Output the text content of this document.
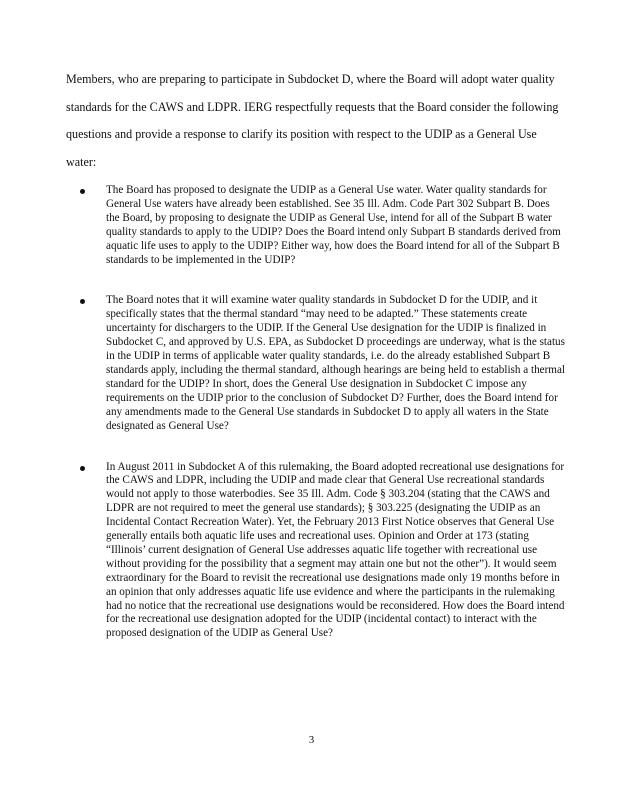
Members, who are preparing to participate in Subdocket D, where the Board will adopt water quality standards for the CAWS and LDPR. IERG respectfully requests that the Board consider the following questions and provide a response to clarify its position with respect to the UDIP as a General Use water:

The Board has proposed to designate the UDIP as a General Use water. Water quality standards for General Use waters have already been established. See 35 Ill. Adm. Code Part 302 Subpart B. Does the Board, by proposing to designate the UDIP as General Use, intend for all of the Subpart B water quality standards to apply to the UDIP? Does the Board intend only Subpart B standards derived from aquatic life uses to apply to the UDIP? Either way, how does the Board intend for all of the Subpart B standards to be implemented in the UDIP?
The Board notes that it will examine water quality standards in Subdocket D for the UDIP, and it specifically states that the thermal standard “may need to be adapted.” These statements create uncertainty for dischargers to the UDIP. If the General Use designation for the UDIP is finalized in Subdocket C, and approved by U.S. EPA, as Subdocket D proceedings are underway, what is the status in the UDIP in terms of applicable water quality standards, i.e. do the already established Subpart B standards apply, including the thermal standard, although hearings are being held to establish a thermal standard for the UDIP? In short, does the General Use designation in Subdocket C impose any requirements on the UDIP prior to the conclusion of Subdocket D? Further, does the Board intend for any amendments made to the General Use standards in Subdocket D to apply all waters in the State designated as General Use?
In August 2011 in Subdocket A of this rulemaking, the Board adopted recreational use designations for the CAWS and LDPR, including the UDIP and made clear that General Use recreational standards would not apply to those waterbodies. See 35 Ill. Adm. Code § 303.204 (stating that the CAWS and LDPR are not required to meet the general use standards); § 303.225 (designating the UDIP as an Incidental Contact Recreation Water). Yet, the February 2013 First Notice observes that General Use generally entails both aquatic life uses and recreational uses. Opinion and Order at 173 (stating “Illinois’ current designation of General Use addresses aquatic life together with recreational use without providing for the possibility that a segment may attain one but not the other”). It would seem extraordinary for the Board to revisit the recreational use designations made only 19 months before in an opinion that only addresses aquatic life use evidence and where the participants in the rulemaking had no notice that the recreational use designations would be reconsidered. How does the Board intend for the recreational use designation adopted for the UDIP (incidental contact) to interact with the proposed designation of the UDIP as General Use?
3
